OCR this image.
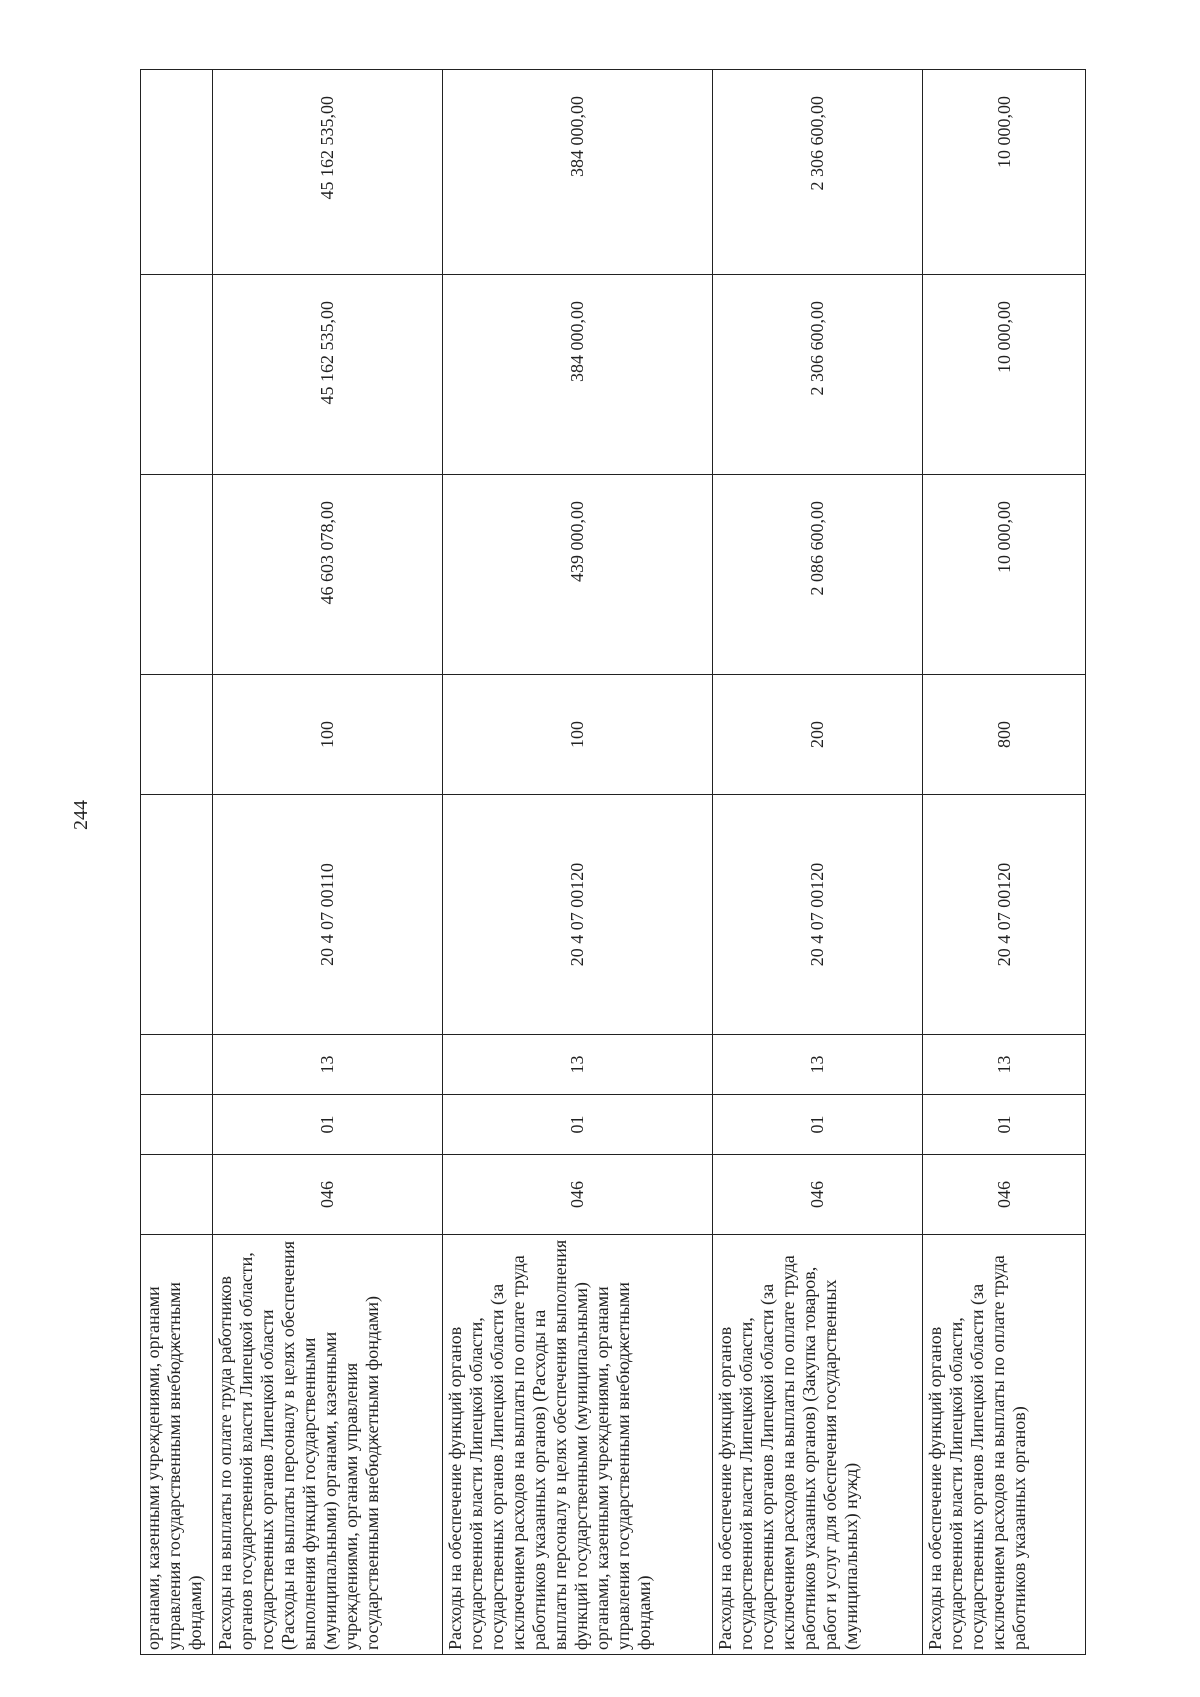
244
органами, казенными учреждениями, органами управления государственными внебюджетными фондами)								
Расходы на выплаты по оплате труда работников органов государственной власти Липецкой области, государственных органов Липецкой области (Расходы на выплаты персоналу в целях обеспечения выполнения функций государственными (муниципальными) органами, казенными учреждениями, органами управления государственными внебюджетными фондами)	046	01	13	20 4 07 00110	100	46 603 078,00	45 162 535,00	45 162 535,00
Расходы на обеспечение функций органов государственной власти Липецкой области, государственных органов Липецкой области (за исключением расходов на выплаты по оплате труда работников указанных органов) (Расходы на выплаты персоналу в целях обеспечения выполнения функций государственными (муниципальными) органами, казенными учреждениями, органами управления государственными внебюджетными фондами)	046	01	13	20 4 07 00120	100	439 000,00	384 000,00	384 000,00
Расходы на обеспечение функций органов государственной власти Липецкой области, государственных органов Липецкой области (за исключением расходов на выплаты по оплате труда работников указанных органов) (Закупка товаров, работ и услуг для обеспечения государственных (муниципальных) нужд)	046	01	13	20 4 07 00120	200	2 086 600,00	2 306 600,00	2 306 600,00
Расходы на обеспечение функций органов государственной власти Липецкой области, государственных органов Липецкой области (за исключением расходов на выплаты по оплате труда работников указанных органов)	046	01	13	20 4 07 00120	800	10 000,00	10 000,00	10 000,00
